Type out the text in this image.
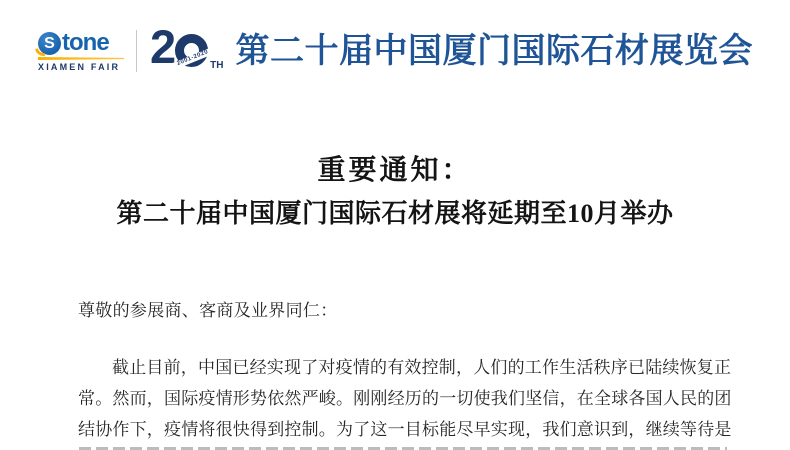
S tone
XIAMEN FAIR 2 2001-2020 TH 第二十届中国厦门国际石材展览会
重要通知：
第二十届中国厦门国际石材展将延期至10月举办
尊敬的参展商、客商及业界同仁：
截止目前，中国已经实现了对疫情的有效控制，人们的工作生活秩序已陆续恢复正
常。然而，国际疫情形势依然严峻。刚刚经历的一切使我们坚信，在全球各国人民的团
结协作下，疫情将很快得到控制。为了这一目标能尽早实现，我们意识到，继续等待是
